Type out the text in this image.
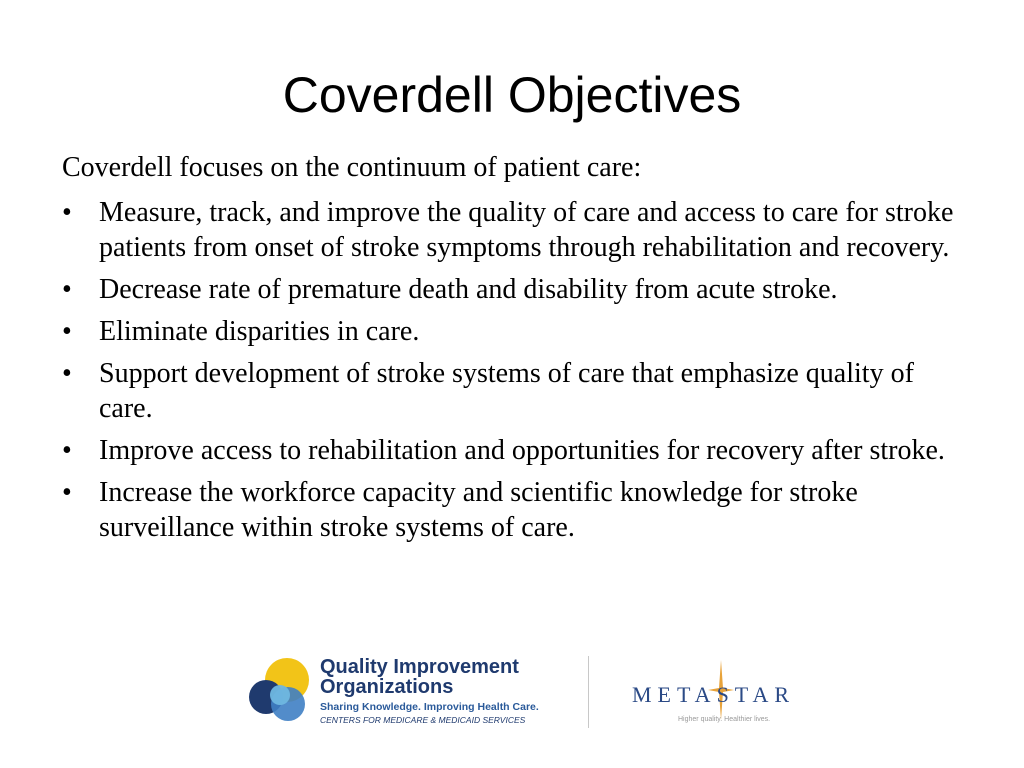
Coverdell Objectives
Coverdell focuses on the continuum of patient care:
• Measure, track, and improve the quality of care and access to care for stroke patients from onset of stroke symptoms through rehabilitation and recovery.
• Decrease rate of premature death and disability from acute stroke.
• Eliminate disparities in care.
• Support development of stroke systems of care that emphasize quality of care.
• Improve access to rehabilitation and opportunities for recovery after stroke.
• Increase the workforce capacity and scientific knowledge for stroke surveillance within stroke systems of care.
Quality Improvement
Organizations
Sharing Knowledge. Improving Health Care.
CENTERS FOR MEDICARE & MEDICAID SERVICES
METASTAR
Higher quality. Healthier lives.
